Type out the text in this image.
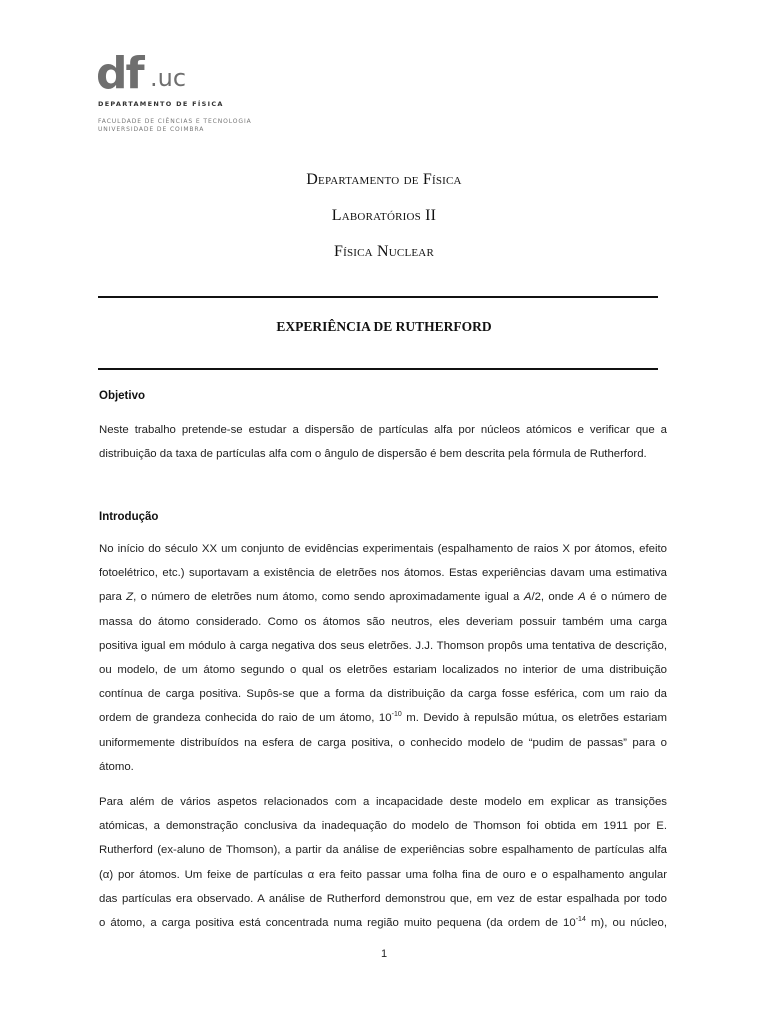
df .uc
DEPARTAMENTO DE FÍSICA
FACULDADE DE CIÊNCIAS E TECNOLOGIA
UNIVERSIDADE DE COIMBRA
Departamento de Física
Laboratórios II
Física Nuclear
EXPERIÊNCIA DE RUTHERFORD
Objetivo
Neste trabalho pretende-se estudar a dispersão de partículas alfa por núcleos atómicos e verificar que a
distribuição da taxa de partículas alfa com o ângulo de dispersão é bem descrita pela fórmula de Rutherford.
Introdução
No início do século XX um conjunto de evidências experimentais (espalhamento de raios X por átomos, efeito
fotoelétrico, etc.) suportavam a existência de eletrões nos átomos. Estas experiências davam uma estimativa
para Z, o número de eletrões num átomo, como sendo aproximadamente igual a A/2, onde A é o número de
massa do átomo considerado. Como os átomos são neutros, eles deveriam possuir também uma carga
positiva igual em módulo à carga negativa dos seus eletrões. J.J. Thomson propôs uma tentativa de descrição,
ou modelo, de um átomo segundo o qual os eletrões estariam localizados no interior de uma distribuição
contínua de carga positiva. Supôs-se que a forma da distribuição da carga fosse esférica, com um raio da
ordem de grandeza conhecida do raio de um átomo, $10^{-10}$ m. Devido à repulsão mútua, os eletrões estariam
uniformemente distribuídos na esfera de carga positiva, o conhecido modelo de “pudim de passas” para o
átomo.
Para além de vários aspetos relacionados com a incapacidade deste modelo em explicar as transições
atómicas, a demonstração conclusiva da inadequação do modelo de Thomson foi obtida em 1911 por E.
Rutherford (ex-aluno de Thomson), a partir da análise de experiências sobre espalhamento de partículas alfa
(α) por átomos. Um feixe de partículas α era feito passar uma folha fina de ouro e o espalhamento angular
das partículas era observado. A análise de Rutherford demonstrou que, em vez de estar espalhada por todo
o átomo, a carga positiva está concentrada numa região muito pequena (da ordem de $10^{-14}$ m), ou núcleo,
1
